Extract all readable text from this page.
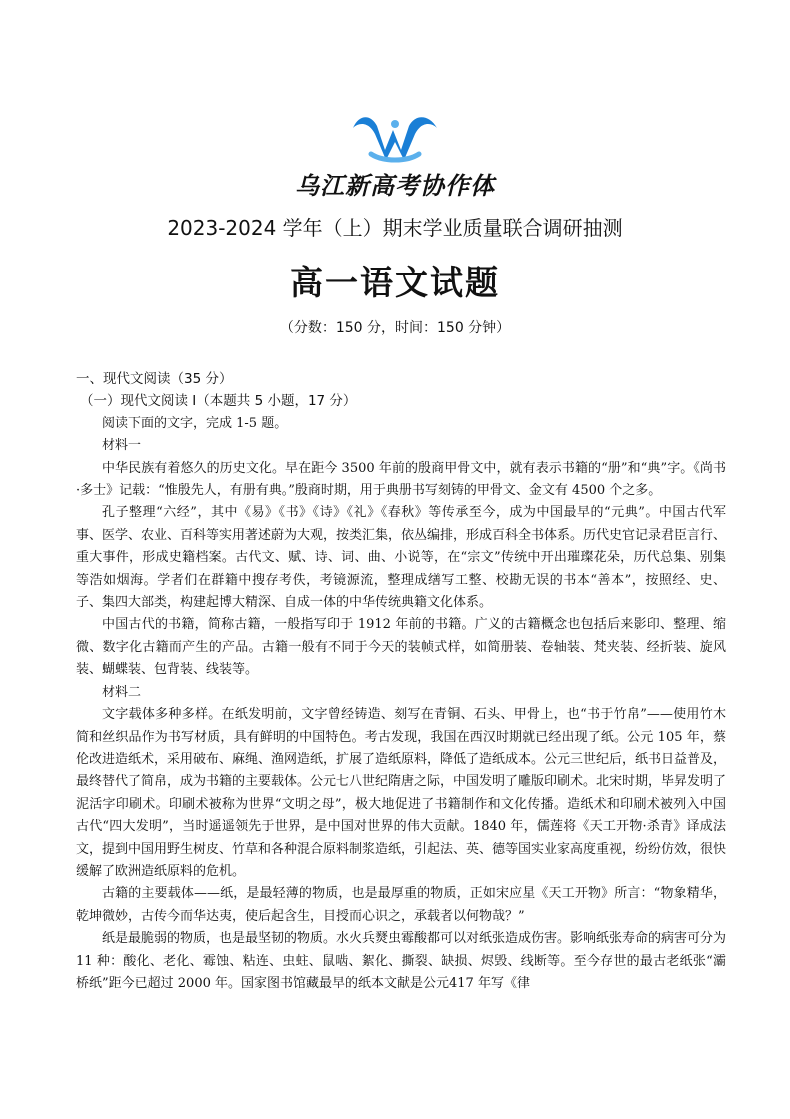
乌江新高考协作体
2023-2024 学年（上）期末学业质量联合调研抽测
高一语文试题
（分数：150 分，时间：150 分钟）

一、现代文阅读（35 分）

（一）现代文阅读 I（本题共 5 小题，17 分）

阅读下面的文字，完成 1-5 题。

材料一

中华民族有着悠久的历史文化。早在距今 3500 年前的殷商甲骨文中，就有表示书籍的“册”和“典”字。《尚书·多士》记载：“惟殷先人，有册有典。”殷商时期，用于典册书写刻铸的甲骨文、金文有 4500 个之多。

孔子整理“六经”，其中《易》《书》《诗》《礼》《春秋》等传承至今，成为中国最早的“元典”。中国古代军事、医学、农业、百科等实用著述蔚为大观，按类汇集，依丛编排，形成百科全书体系。历代史官记录君臣言行、重大事件，形成史籍档案。古代文、赋、诗、词、曲、小说等，在“宗文”传统中开出璀璨花朵，历代总集、别集等浩如烟海。学者们在群籍中搜存考佚，考镜源流，整理成缮写工整、校勘无误的书本“善本”，按照经、史、子、集四大部类，构建起博大精深、自成一体的中华传统典籍文化体系。

中国古代的书籍，简称古籍，一般指写印于 1912 年前的书籍。广义的古籍概念也包括后来影印、整理、缩微、数字化古籍而产生的产品。古籍一般有不同于今天的装帧式样，如简册装、卷轴装、梵夹装、经折装、旋风装、蝴蝶装、包背装、线装等。

材料二

文字载体多种多样。在纸发明前，文字曾经铸造、刻写在青铜、石头、甲骨上，也“书于竹帛”——使用竹木简和丝织品作为书写材质，具有鲜明的中国特色。考古发现，我国在西汉时期就已经出现了纸。公元 105 年，蔡伦改进造纸术，采用破布、麻绳、渔网造纸，扩展了造纸原料，降低了造纸成本。公元三世纪后，纸书日益普及，最终替代了简帛，成为书籍的主要载体。公元七八世纪隋唐之际，中国发明了雕版印刷术。北宋时期，毕昇发明了泥活字印刷术。印刷术被称为世界“文明之母”，极大地促进了书籍制作和文化传播。造纸术和印刷术被列入中国古代“四大发明”，当时遥遥领先于世界，是中国对世界的伟大贡献。1840 年，儒莲将《天工开物·杀青》译成法文，提到中国用野生树皮、竹草和各种混合原料制浆造纸，引起法、英、德等国实业家高度重视，纷纷仿效，很快缓解了欧洲造纸原料的危机。

古籍的主要载体——纸，是最轻薄的物质，也是最厚重的物质，正如宋应星《天工开物》所言：“物象精华，乾坤微妙，古传今而华达夷，使后起含生，目授而心识之，承载者以何物哉？”

纸是最脆弱的物质，也是最坚韧的物质。水火兵燹虫霉酸都可以对纸张造成伤害。影响纸张寿命的病害可分为 11 种：酸化、老化、霉蚀、粘连、虫蛀、鼠啮、絮化、撕裂、缺损、烬毁、线断等。至今存世的最古老纸张“灞桥纸”距今已超过 2000 年。国家图书馆藏最早的纸本文献是公元417 年写《律
